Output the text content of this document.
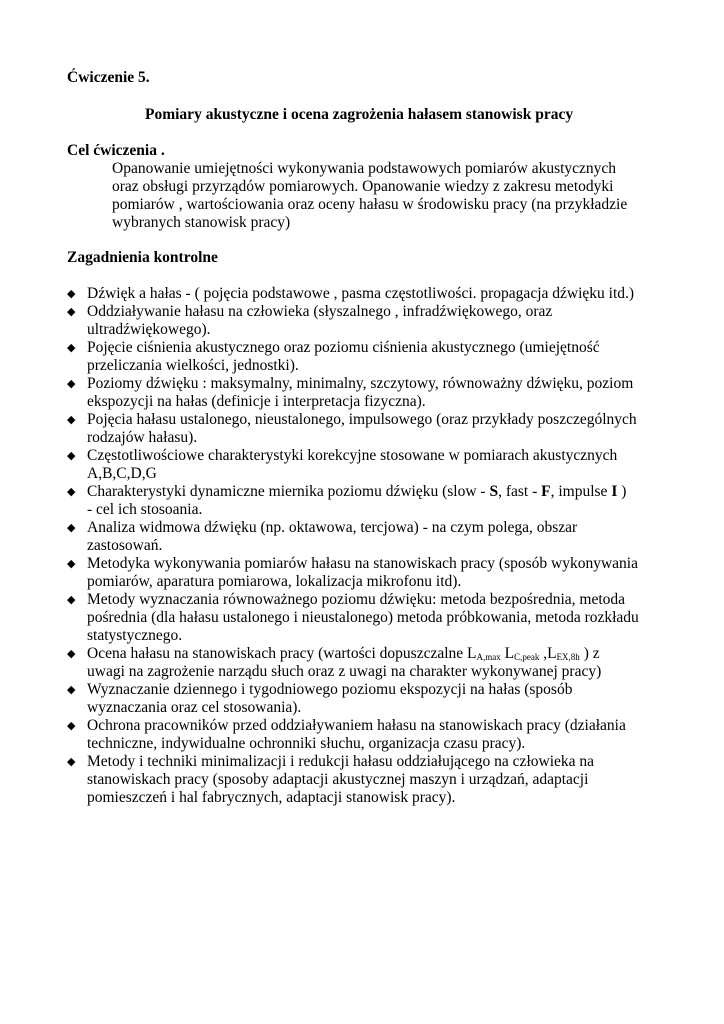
Ćwiczenie 5.
Pomiary akustyczne i ocena zagrożenia hałasem stanowisk pracy
Cel ćwiczenia .
Opanowanie umiejętności wykonywania podstawowych pomiarów akustycznych
oraz obsługi przyrządów pomiarowych. Opanowanie wiedzy z zakresu metodyki
pomiarów , wartościowania oraz oceny hałasu w środowisku pracy (na przykładzie
wybranych stanowisk pracy)
Zagadnienia kontrolne
◆ Dźwięk a hałas - ( pojęcia podstawowe , pasma częstotliwości. propagacja dźwięku itd.)
◆ Oddziaływanie hałasu na człowieka (słyszalnego , infradźwiękowego, oraz
ultradźwiękowego).
◆ Pojęcie ciśnienia akustycznego oraz poziomu ciśnienia akustycznego (umiejętność
przeliczania wielkości, jednostki).
◆ Poziomy dźwięku : maksymalny, minimalny, szczytowy, równoważny dźwięku, poziom
ekspozycji na hałas (definicje i interpretacja fizyczna).
◆ Pojęcia hałasu ustalonego, nieustalonego, impulsowego (oraz przykłady poszczególnych
rodzajów hałasu).
◆ Częstotliwościowe charakterystyki korekcyjne stosowane w pomiarach akustycznych
A,B,C,D,G
◆ Charakterystyki dynamiczne miernika poziomu dźwięku (slow - S, fast - F, impulse I )
- cel ich stosoania.
◆ Analiza widmowa dźwięku (np. oktawowa, tercjowa) - na czym polega, obszar
zastosowań.
◆ Metodyka wykonywania pomiarów hałasu na stanowiskach pracy (sposób wykonywania
pomiarów, aparatura pomiarowa, lokalizacja mikrofonu itd).
◆ Metody wyznaczania równoważnego poziomu dźwięku: metoda bezpośrednia, metoda
pośrednia (dla hałasu ustalonego i nieustalonego) metoda próbkowania, metoda rozkładu
statystycznego.
◆ Ocena hałasu na stanowiskach pracy (wartości dopuszczalne $L_{A,max}$ $L_{C,peak}$ $,L_{EX,8h}$ ) z
uwagi na zagrożenie narządu słuch oraz z uwagi na charakter wykonywanej pracy)
◆ Wyznaczanie dziennego i tygodniowego poziomu ekspozycji na hałas (sposób
wyznaczania oraz cel stosowania).
◆ Ochrona pracowników przed oddziaływaniem hałasu na stanowiskach pracy (działania
techniczne, indywidualne ochronniki słuchu, organizacja czasu pracy).
◆ Metody i techniki minimalizacji i redukcji hałasu oddziałującego na człowieka na
stanowiskach pracy (sposoby adaptacji akustycznej maszyn i urządzań, adaptacji
pomieszczeń i hal fabrycznych, adaptacji stanowisk pracy).
